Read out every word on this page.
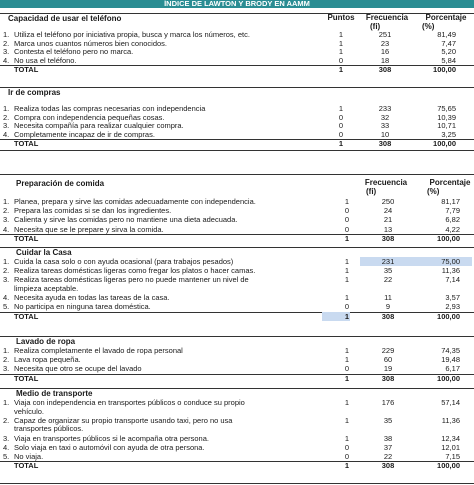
ÍNDICE DE LAWTON Y BRODY EN AAMM
Puntos	Frecuencia
(fi)
Porcentaje
(%)
Capacidad de usar el teléfono
1. Utiliza el teléfono por iniciativa propia, busca y marca los números, etc.	1	251	81,49
2. Marca unos cuantos números bien conocidos.	1	23	7,47
3. Contesta el teléfono pero no marca.	1	16	5,20
4. No usa el teléfono.	0	18	5,84
TOTAL	1	308	100,00
Ir de compras
1. Realiza todas las compras necesarias con independencia	1	233	75,65
2. Compra con independencia pequeñas cosas.	0	32	10,39
3. Necesita compañía para realizar cualquier compra.	0	33	10,71
4. Completamente incapaz de ir de compras.	0	10	3,25
TOTAL	1	308	100,00
Frecuencia
(fi)
Porcentaje
(%)
Preparación de comida
1. Planea, prepara y sirve las comidas adecuadamente con independencia.	1	250	81,17
2. Prepara las comidas si se dan los ingredientes.	0	24	7,79
3. Calienta y sirve las comidas pero no mantiene una dieta adecuada.	0	21	6,82
4. Necesita que se le prepare y sirva la comida.	0	13	4,22
TOTAL	1	308	100,00
Cuidar la Casa
1. Cuida la casa solo o con ayuda ocasional (para trabajos pesados)	1	231	75,00
2. Realiza tareas domésticas ligeras como fregar los platos o hacer camas.	1	35	11,36
3. Realiza tareas domésticas ligeras pero no puede mantener un nivel de
limpieza aceptable.
1	22	7,14
4. Necesita ayuda en todas las tareas de la casa.	1	11	3,57
5. No participa en ninguna tarea doméstica.	0	9	2,93
TOTAL	1	308	100,00
Lavado de ropa
1. Realiza completamente el lavado de ropa personal	1	229	74,35
2. Lava ropa pequeña.	1	60	19,48
3. Necesita que otro se ocupe del lavado	0	19	6,17
TOTAL	1	308	100,00
Medio de transporte
1. Viaja con independencia en transportes públicos o conduce su propio
vehículo.
1	176	57,14
2. Capaz de organizar su propio transporte usando taxi, pero no usa
transportes públicos.
1	35	11,36
3. Viaja en transportes públicos si le acompaña otra persona.	1	38	12,34
4. Solo viaja en taxi o automóvil con ayuda de otra persona.	0	37	12,01
5. No viaja.	0	22	7,15
TOTAL	1	308	100,00
